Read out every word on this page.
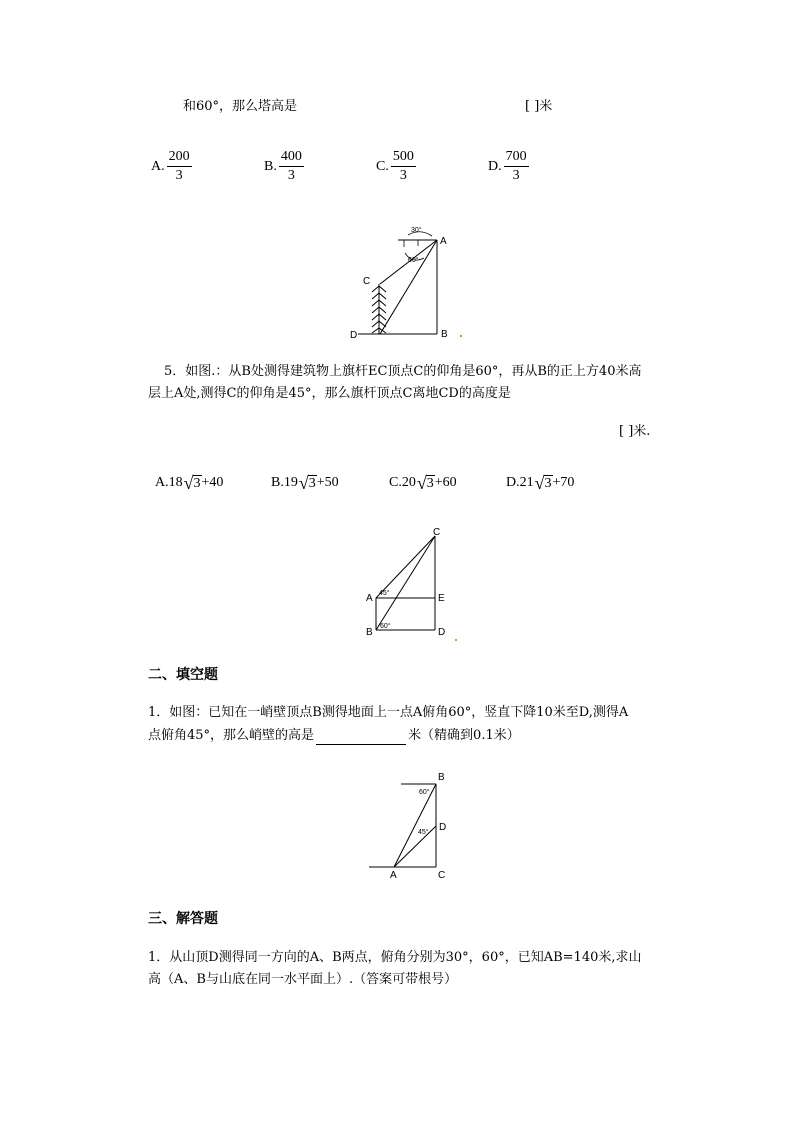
和60°，那么塔高是	[ ]米
A. $\frac{200}{3}$	B. $\frac{400}{3}$	C. $\frac{500}{3}$	D. $\frac{700}{3}$
30°
60°
A
B
C
D
5．如图.：从B处测得建筑物上旗杆EC顶点C的仰角是60°，再从B的正上方40米高
层上A处,测得C的仰角是45°，那么旗杆顶点C离地CD的高度是
[ ]米.
A.18 √ 3 +40	B.19 √ 3 +50	C.20 √ 3 +60	D.21 √ 3 +70
45°
60°
C
A	E
B	D
二、填空题
1．如图：已知在一峭壁顶点B测得地面上一点A俯角60°，竖直下降10米至D,测得A
点俯角45°，那么峭壁的高是	米（精确到0.1米）
60°
45°
B
D
A	C
三、解答题
1．从山顶D测得同一方向的A、B两点，俯角分别为30°，60°，已知AB=140米,求山
高（A、B与山底在同一水平面上）.（答案可带根号）
